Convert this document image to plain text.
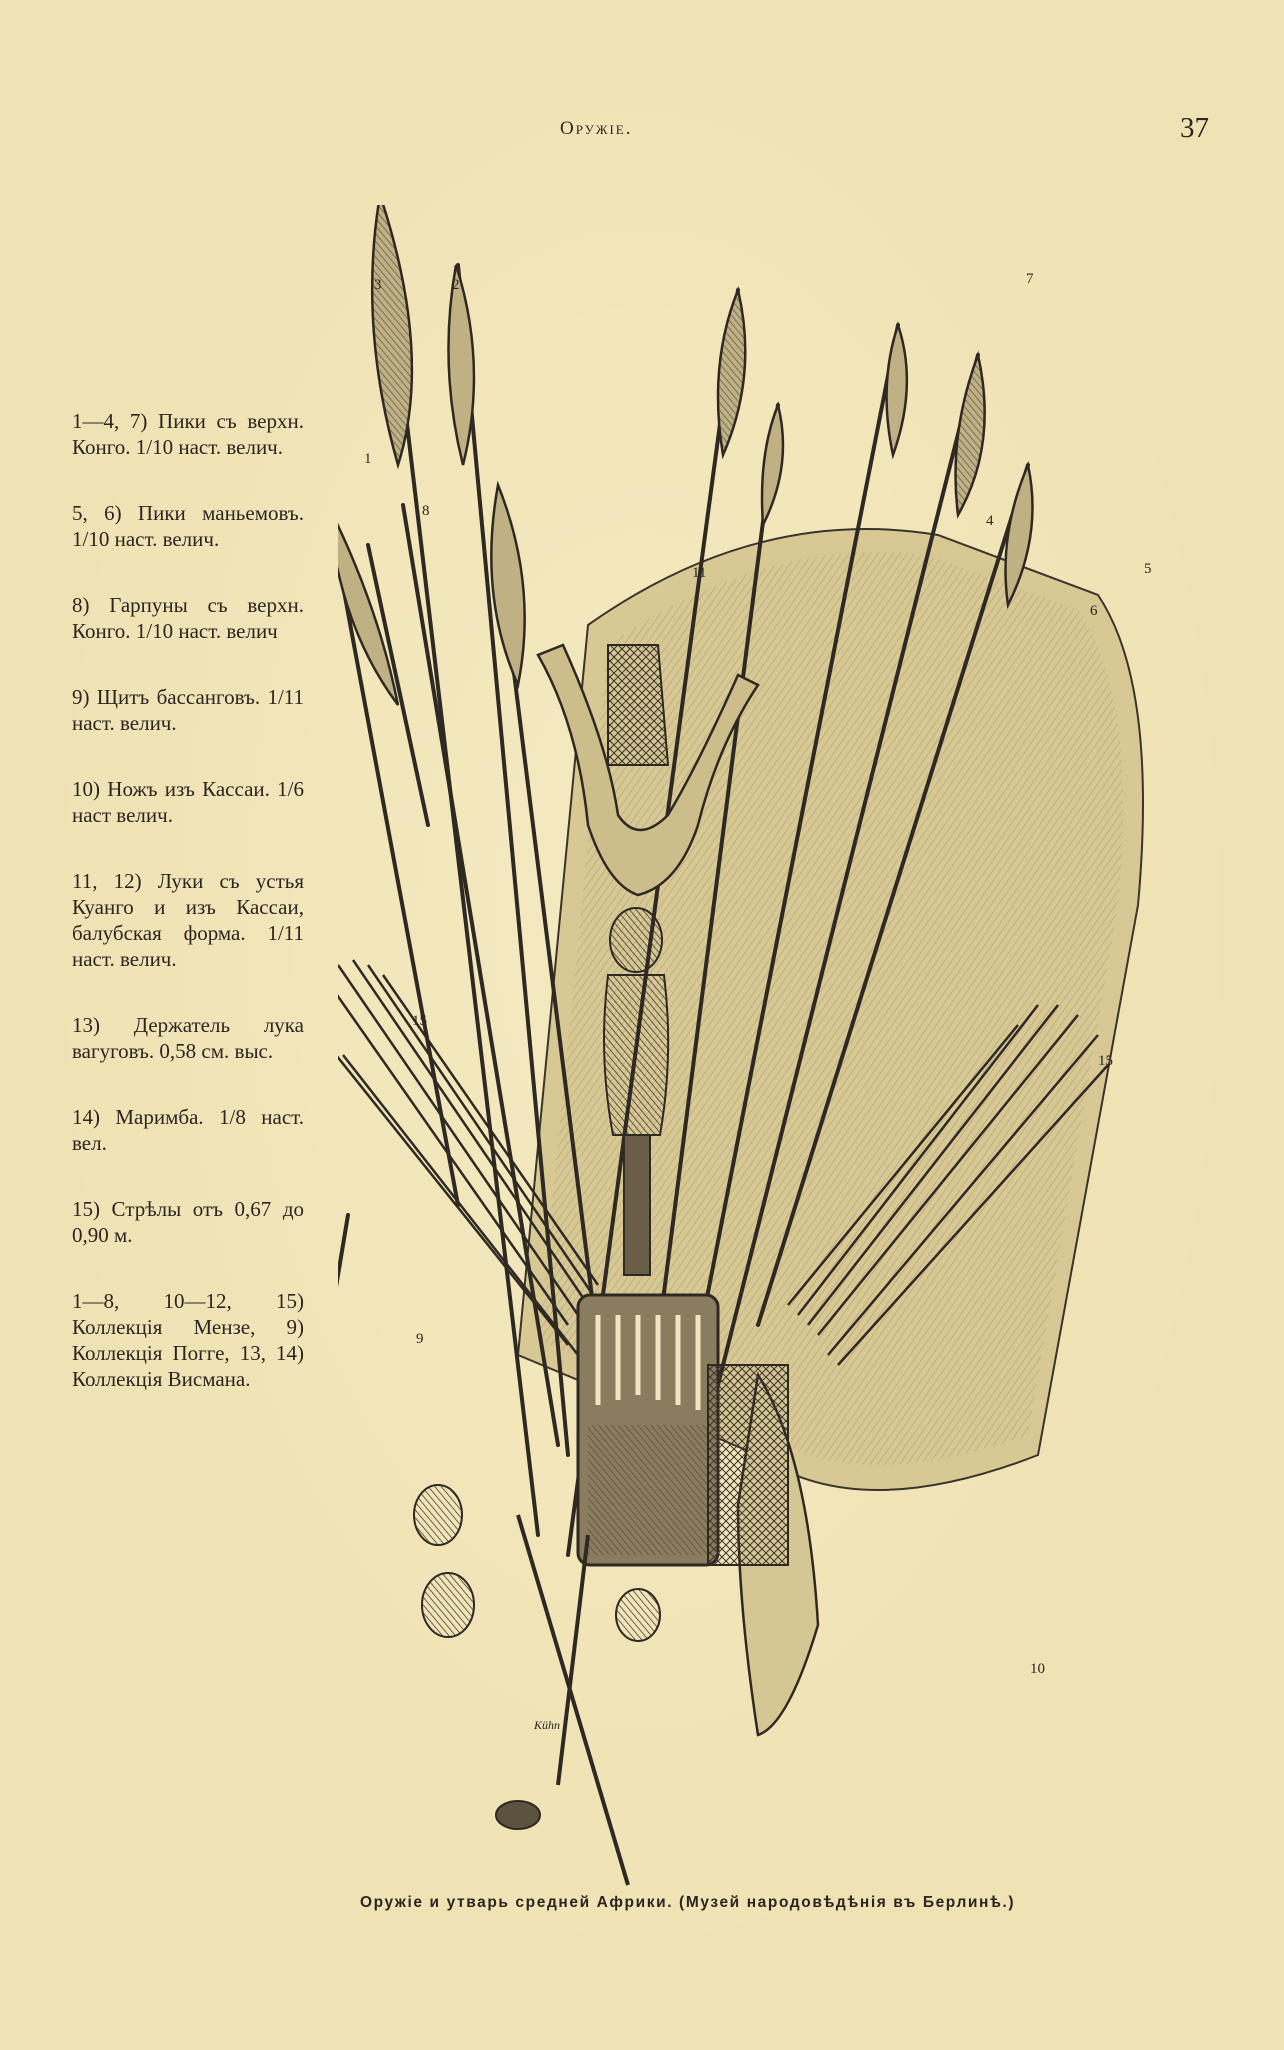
Оружіе.	37

1—4, 7) Пики съ верхн. Конго. 1/10 наст. велич.

5, 6) Пики маньемовъ. 1/10 наст. велич.

8) Гарпуны съ верхн. Конго. 1/10 наст. велич

9) Щитъ бассанговъ. 1/11 наст. велич.

10) Ножъ изъ Кассаи. 1/6 наст велич.

11, 12) Луки съ устья Куанго и изъ Кассаи, балубская форма. 1/11 наст. велич.

13) Держатель лука вагуговъ. 0,58 см. выс.

14) Маримба. 1/8 наст. вел.

15) Стрѣлы отъ 0,67 до 0,90 м.

1—8, 10—12, 15) Коллекція Мензе, 9) Коллекція Погге, 13, 14) Коллекція Висмана.

3	2	7
1
8
11
4
5
6
15
15
9
10
Kühn
Оружіе и утварь средней Африки. (Музей народовѣдѣнія въ Берлинѣ.)
